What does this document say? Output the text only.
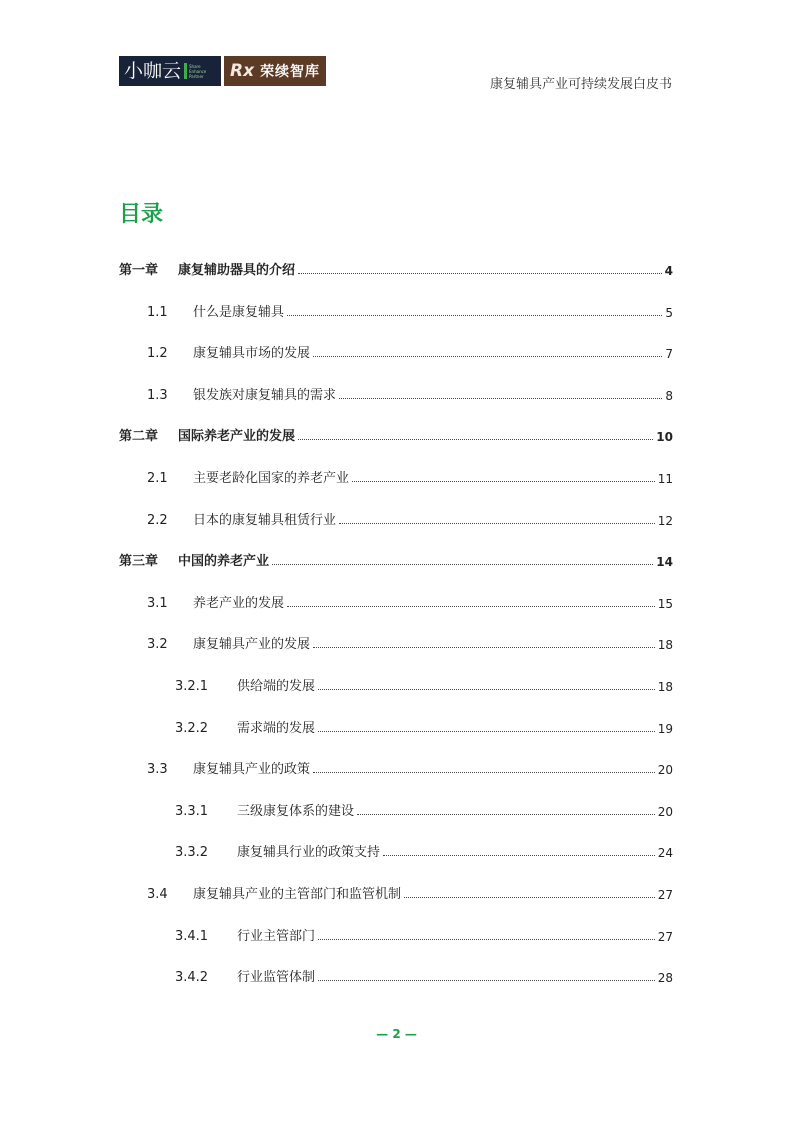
小咖云 Share
Enhance
Partner Rx 荣续智库
康复辅具产业可持续发展白皮书
目录
第一章	康复辅助器具的介绍	4
1.1	什么是康复辅具	5
1.2	康复辅具市场的发展	7
1.3	银发族对康复辅具的需求	8
第二章	国际养老产业的发展	10
2.1	主要老龄化国家的养老产业	11
2.2	日本的康复辅具租赁行业	12
第三章	中国的养老产业	14
3.1	养老产业的发展	15
3.2	康复辅具产业的发展	18
3.2.1	供给端的发展	18
3.2.2	需求端的发展	19
3.3	康复辅具产业的政策	20
3.3.1	三级康复体系的建设	20
3.3.2	康复辅具行业的政策支持	24
3.4	康复辅具产业的主管部门和监管机制	27
3.4.1	行业主管部门	27
3.4.2	行业监管体制	28
— 2 —
